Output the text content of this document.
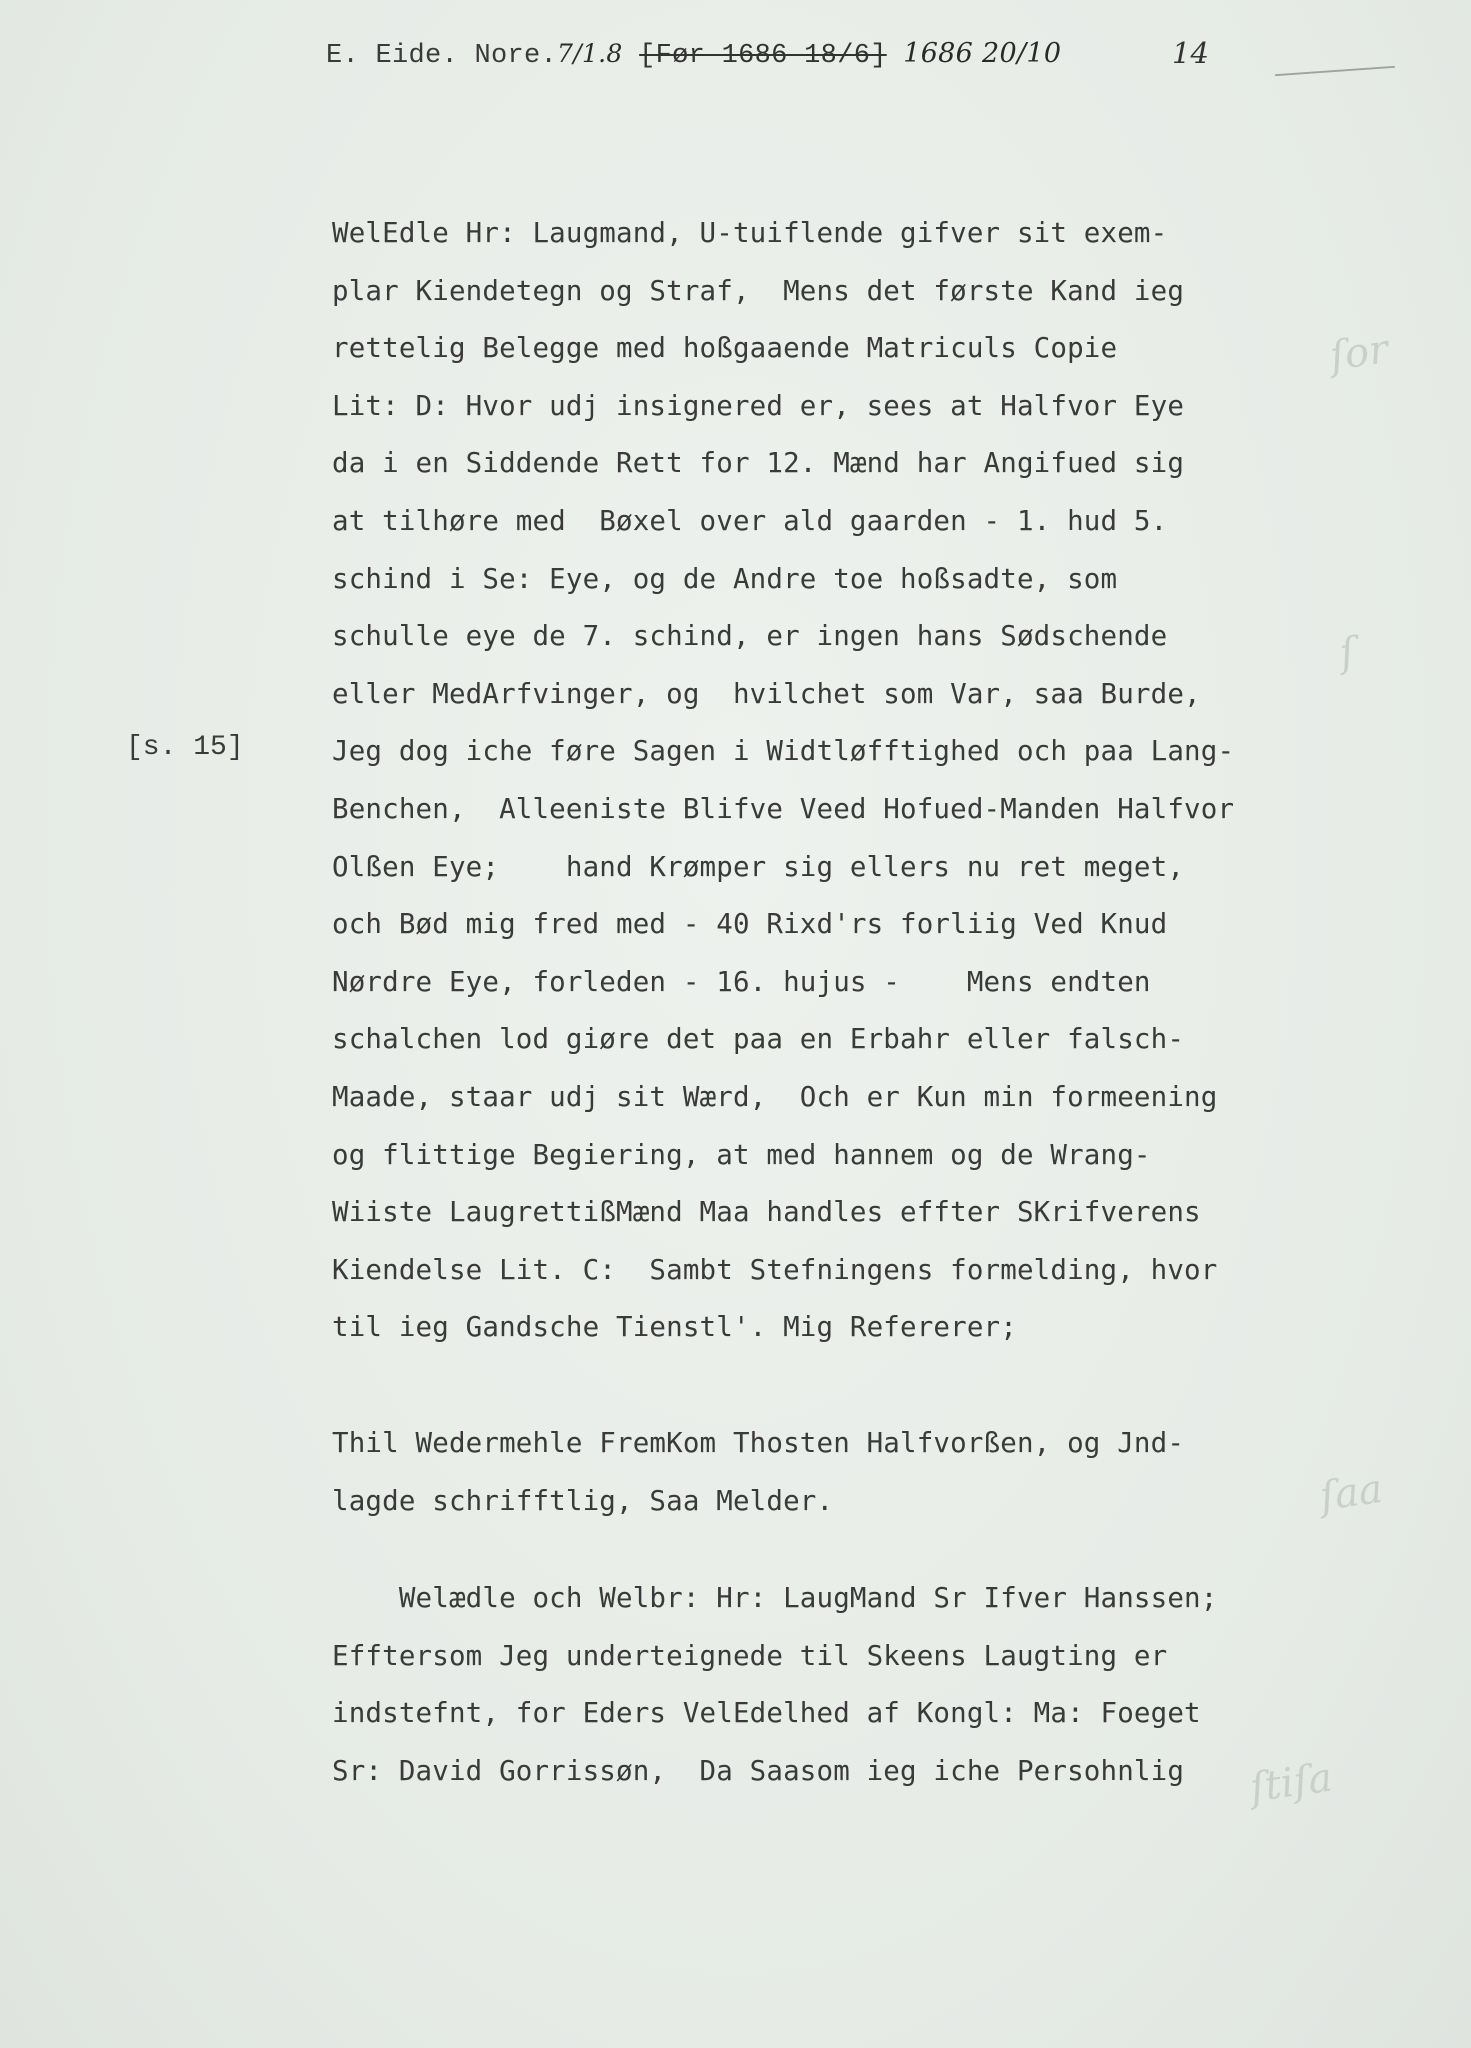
E. Eide. Nore.7/1.8 [Før 1686 18/6] 1686 20/10	14
[s. 15]
WelEdle Hr: Laugmand, U-tuiflende gifver sit exem-
plar Kiendetegn og Straf,  Mens det første Kand ieg
rettelig Belegge med hoßgaaende Matriculs Copie
Lit: D: Hvor udj insignered er, sees at Halfvor Eye
da i en Siddende Rett for 12. Mænd har Angifued sig
at tilhøre med  Bøxel over ald gaarden - 1. hud 5.
schind i Se: Eye, og de Andre toe hoßsadte, som
schulle eye de 7. schind, er ingen hans Sødschende
eller MedArfvinger, og  hvilchet som Var, saa Burde,
Jeg dog iche føre Sagen i Widtløfftighed och paa Lang-
Benchen,  Alleeniste Blifve Veed Hofued-Manden Halfvor
Olßen Eye;    hand Krømper sig ellers nu ret meget,
och Bød mig fred med - 40 Rixd'rs forliig Ved Knud
Nørdre Eye, forleden - 16. hujus -    Mens endten
schalchen lod giøre det paa en Erbahr eller falsch-
Maade, staar udj sit Wærd,  Och er Kun min formeening
og flittige Begiering, at med hannem og de Wrang-
Wiiste LaugrettißMænd Maa handles effter SKrifverens
Kiendelse Lit. C:  Sambt Stefningens formelding, hvor
til ieg Gandsche Tienstl'. Mig Refererer;
Thil Wedermehle FremKom Thosten Halfvorßen, og Jnd-
lagde schrifftlig, Saa Melder.
Welædle och Welbr: Hr: LaugMand Sr Ifver Hanssen;
Efftersom Jeg underteignede til Skeens Laugting er
indstefnt, for Eders VelEdelhed af Kongl: Ma: Foeget
Sr: David Gorrissøn,  Da Saasom ieg iche Persohnlig
ſor
ſ
ſaa
ſtiſa
